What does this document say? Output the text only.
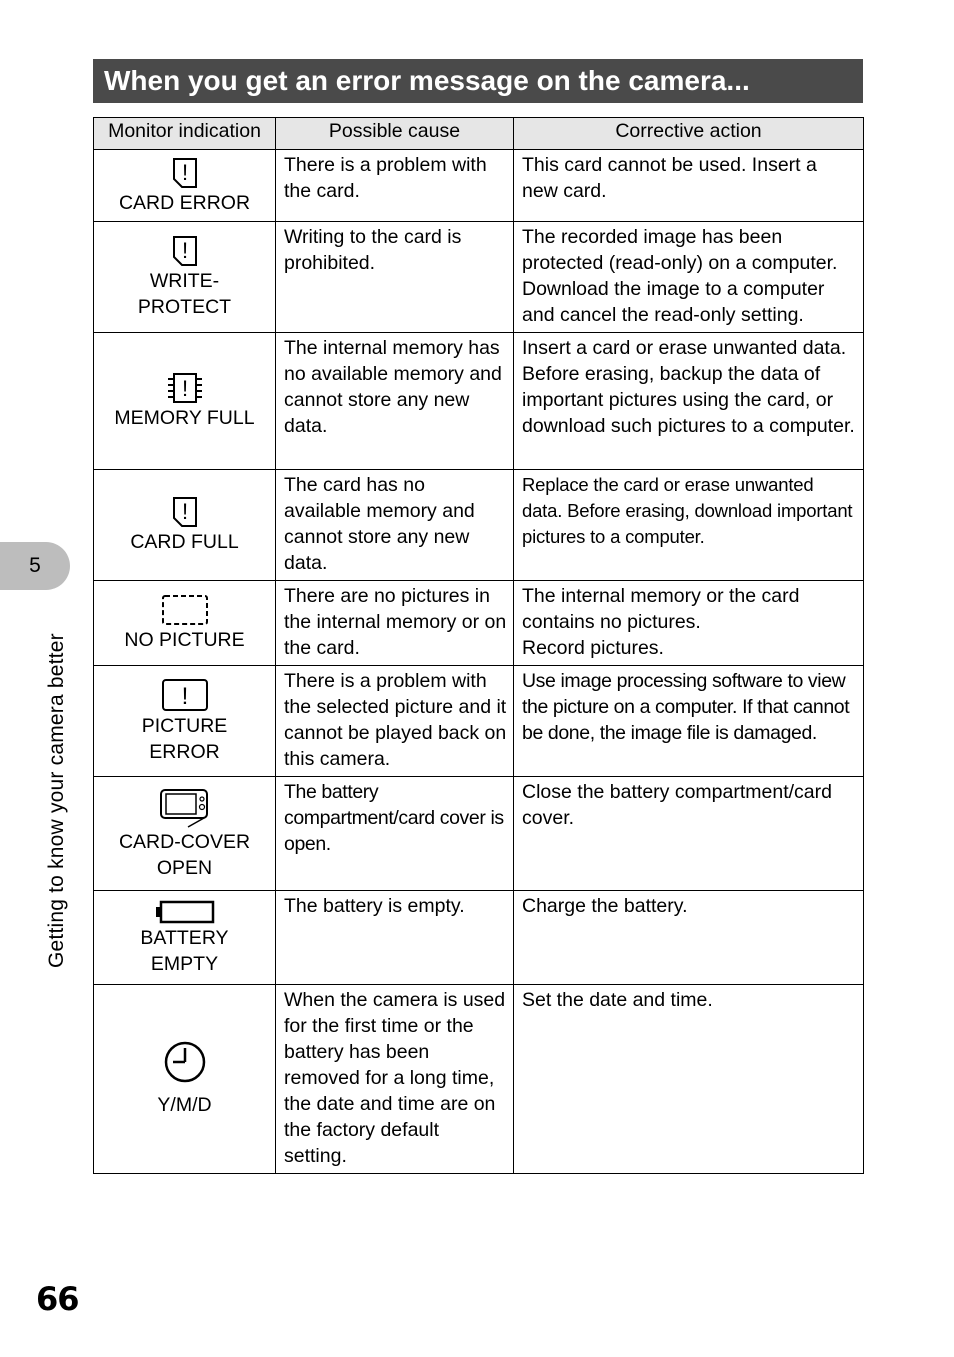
When you get an error message on the camera...
Monitor indication	Possible cause	Corrective action

!
CARD ERROR	There is a problem with the card.	This card cannot be used. Insert a new card.

!
WRITE-
PROTECT	Writing to the card is prohibited.	The recorded image has been protected (read-only) on a computer. Download the image to a computer and cancel the read-only setting.

!
MEMORY FULL	The internal memory has no available memory and cannot store any new data.	Insert a card or erase unwanted data. Before erasing, backup the data of important pictures using the card, or download such pictures to a computer.

!
CARD FULL	The card has no available memory and cannot store any new data.	Replace the card or erase unwanted data. Before erasing, download important pictures to a computer.

NO PICTURE	There are no pictures in the internal memory or on the card.	The internal memory or the card contains no pictures.
Record pictures.

!
PICTURE
ERROR	There is a problem with the selected picture and it cannot be played back on this camera.	Use image processing software to view the picture on a computer. If that cannot be done, the image file is damaged.

CARD-COVER
OPEN	The battery compartment/card cover is open.	Close the battery compartment/card cover.

BATTERY
EMPTY	The battery is empty.	Charge the battery.

Y/M/D	When the camera is used for the first time or the battery has been removed for a long time, the date and time are on the factory default setting.	Set the date and time.
5
Getting to know your camera better
66
